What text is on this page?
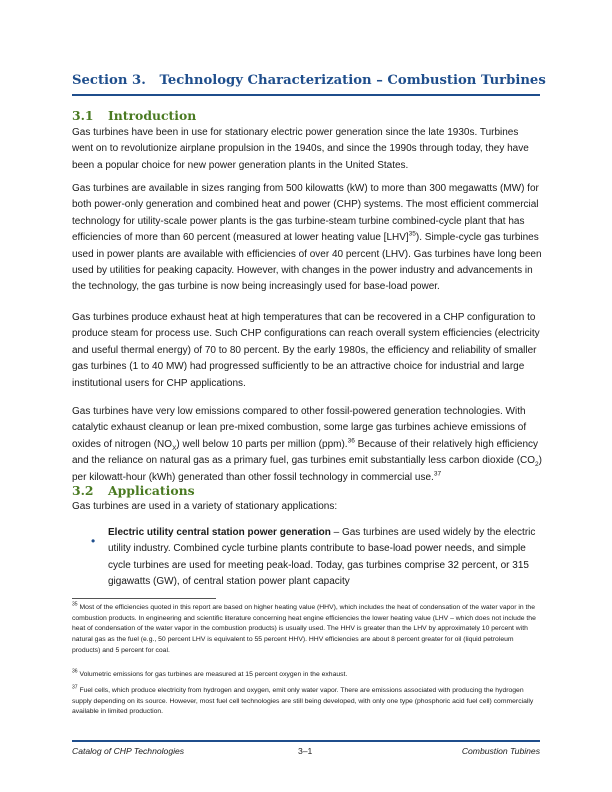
Section 3.   Technology Characterization – Combustion Turbines
3.1 Introduction

Gas turbines have been in use for stationary electric power generation since the late 1930s. Turbines went on to revolutionize airplane propulsion in the 1940s, and since the 1990s through today, they have been a popular choice for new power generation plants in the United States.

Gas turbines are available in sizes ranging from 500 kilowatts (kW) to more than 300 megawatts (MW) for both power-only generation and combined heat and power (CHP) systems. The most efficient commercial technology for utility-scale power plants is the gas turbine-steam turbine combined-cycle plant that has efficiencies of more than 60 percent (measured at lower heating value [LHV]$^{35}$). Simple-cycle gas turbines used in power plants are available with efficiencies of over 40 percent (LHV). Gas turbines have long been used by utilities for peaking capacity. However, with changes in the power industry and advancements in the technology, the gas turbine is now being increasingly used for base-load power.

Gas turbines produce exhaust heat at high temperatures that can be recovered in a CHP configuration to produce steam for process use. Such CHP configurations can reach overall system efficiencies (electricity and useful thermal energy) of 70 to 80 percent. By the early 1980s, the efficiency and reliability of smaller gas turbines (1 to 40 MW) had progressed sufficiently to be an attractive choice for industrial and large institutional users for CHP applications.

Gas turbines have very low emissions compared to other fossil-powered generation technologies. With catalytic exhaust cleanup or lean pre-mixed combustion, some large gas turbines achieve emissions of oxides of nitrogen $(NO_X)$ well below 10 parts per million (ppm).$^{36}$ Because of their relatively high efficiency and the reliance on natural gas as a primary fuel, gas turbines emit substantially less carbon dioxide $(CO_2)$ per kilowatt-hour (kWh) generated than other fossil technology in commercial use.$^{37}$

3.2 Applications

Gas turbines are used in a variety of stationary applications:

•

Electric utility central station power generation – Gas turbines are used widely by the electric utility industry. Combined cycle turbine plants contribute to base-load power needs, and simple cycle turbines are used for meeting peak-load. Today, gas turbines comprise 32 percent, or 315 gigawatts (GW), of central station power plant capacity

$^{35}$ Most of the efficiencies quoted in this report are based on higher heating value (HHV), which includes the heat of condensation of the water vapor in the combustion products. In engineering and scientific literature concerning heat engine efficiencies the lower heating value (LHV – which does not include the heat of condensation of the water vapor in the combustion products) is usually used. The HHV is greater than the LHV by approximately 10 percent with natural gas as the fuel (e.g., 50 percent LHV is equivalent to 55 percent HHV). HHV efficiencies are about 8 percent greater for oil (liquid petroleum products) and 5 percent for coal.

$^{36}$ Volumetric emissions for gas turbines are measured at 15 percent oxygen in the exhaust.

$^{37}$ Fuel cells, which produce electricity from hydrogen and oxygen, emit only water vapor. There are emissions associated with producing the hydrogen supply depending on its source. However, most fuel cell technologies are still being developed, with only one type (phosphoric acid fuel cell) commercially available in limited production.

Catalog of CHP Technologies	3–1	Combustion Tubines
